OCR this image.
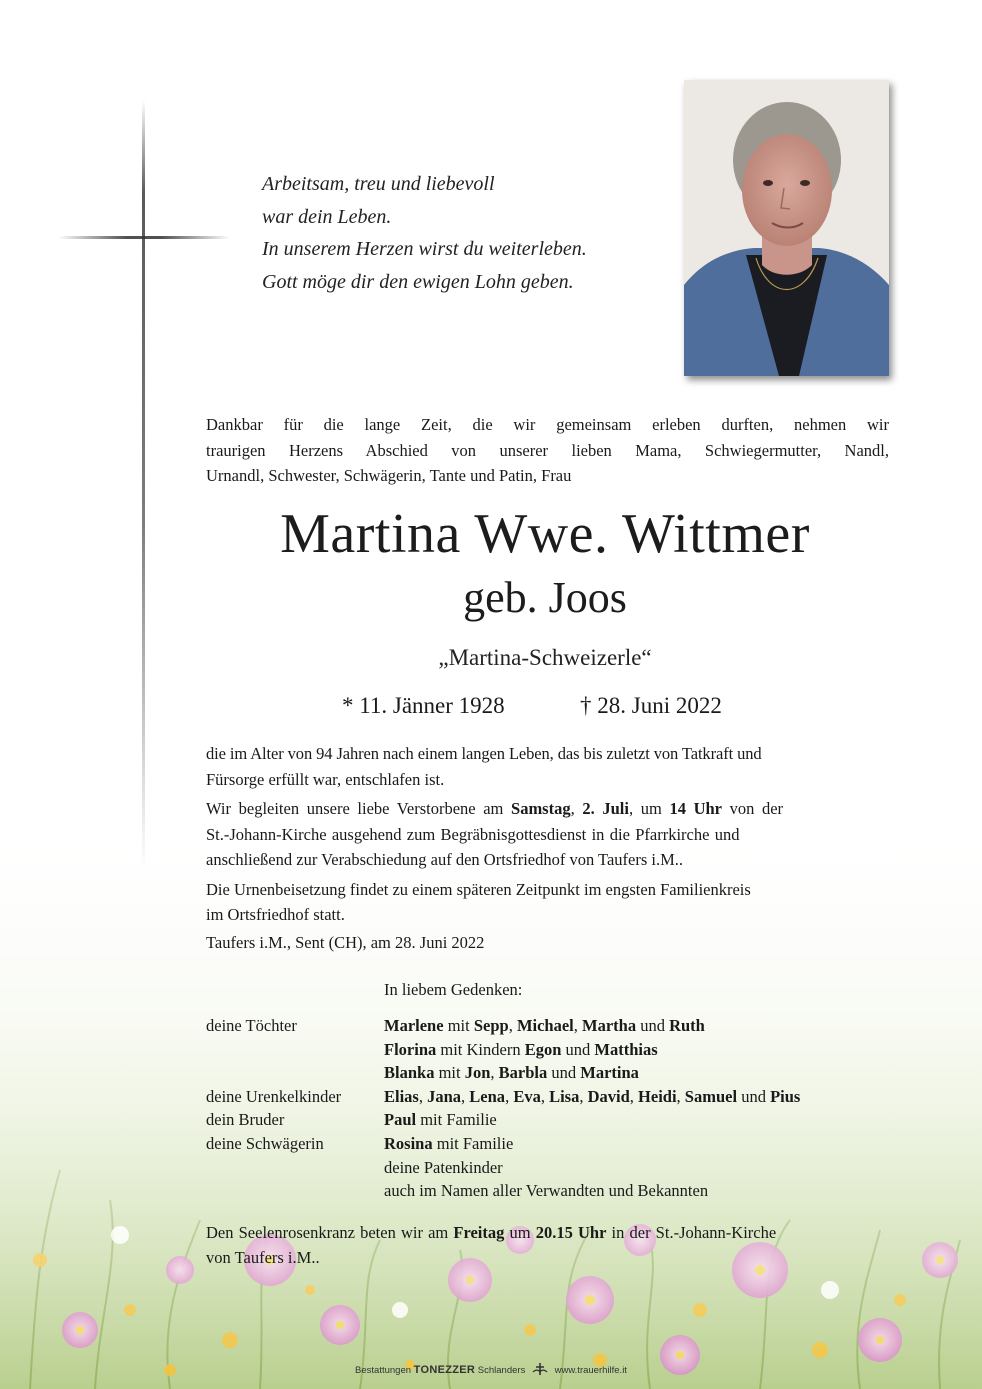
Arbeitsam, treu und liebevoll
war dein Leben.
In unserem Herzen wirst du weiterleben.
Gott möge dir den ewigen Lohn geben.
Dankbar für die lange Zeit, die wir gemeinsam erleben durften, nehmen wir
traurigen Herzens Abschied von unserer lieben Mama, Schwiegermutter, Nandl,
Urnandl, Schwester, Schwägerin, Tante und Patin, Frau
Martina Wwe. Wittmer
geb. Joos
„Martina-Schweizerle“
* 11. Jänner 1928	† 28. Juni 2022
die im Alter von 94 Jahren nach einem langen Leben, das bis zuletzt von Tatkraft und
Fürsorge erfüllt war, entschlafen ist.
Wir begleiten unsere liebe Verstorbene am Samstag, 2. Juli, um 14 Uhr von der
St.-Johann-Kirche ausgehend zum Begräbnisgottesdienst in die Pfarrkirche und
anschließend zur Verabschiedung auf den Ortsfriedhof von Taufers i.M..
Die Urnenbeisetzung findet zu einem späteren Zeitpunkt im engsten Familienkreis
im Ortsfriedhof statt.
Taufers i.M., Sent (CH), am 28. Juni 2022
In liebem Gedenken:
deine Töchter	Marlene mit Sepp, Michael, Martha und Ruth
Florina mit Kindern Egon und Matthias
Blanka mit Jon, Barbla und Martina
deine Urenkelkinder	Elias, Jana, Lena, Eva, Lisa, David, Heidi, Samuel und Pius
dein Bruder	Paul mit Familie
deine Schwägerin	Rosina mit Familie
deine Patenkinder
auch im Namen aller Verwandten und Bekannten
Den Seelenrosenkranz beten wir am Freitag um 20.15 Uhr in der St.-Johann-Kirche
von Taufers i.M..
Bestattungen TONEZZER Schlanders	www.trauerhilfe.it
